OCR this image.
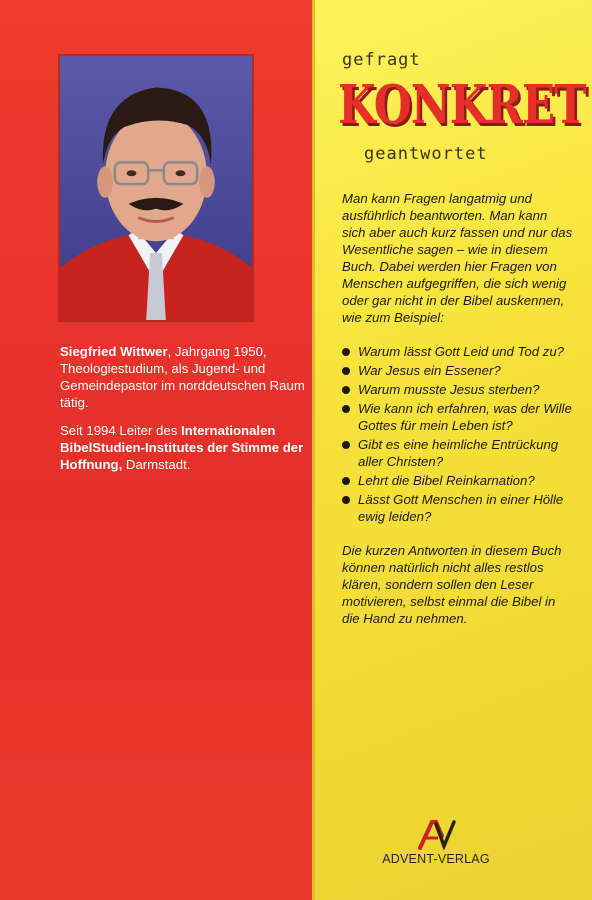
Siegfried Wittwer, Jahrgang 1950, Theologiestudium, als Jugend- und Gemeindepastor im norddeutschen Raum tätig.

Seit 1994 Leiter des Internationalen BibelStudien-Institutes der Stimme der Hoffnung, Darmstadt.

gefragt
KONKRET
geantwortet

Man kann Fragen langatmig und ausführlich beantworten. Man kann sich aber auch kurz fassen und nur das Wesentliche sagen – wie in diesem Buch. Dabei werden hier Fragen von Menschen aufgegriffen, die sich wenig oder gar nicht in der Bibel auskennen, wie zum Beispiel:

Warum lässt Gott Leid und Tod zu?
War Jesus ein Essener?
Warum musste Jesus sterben?
Wie kann ich erfahren, was der Wille Gottes für mein Leben ist?
Gibt es eine heimliche Entrückung aller Christen?
Lehrt die Bibel Reinkarnation?
Lässt Gott Menschen in einer Hölle ewig leiden?

Die kurzen Antworten in diesem Buch können natürlich nicht alles restlos klären, sondern sollen den Leser motivieren, selbst einmal die Bibel in die Hand zu nehmen.

ADVENT-VERLAG
